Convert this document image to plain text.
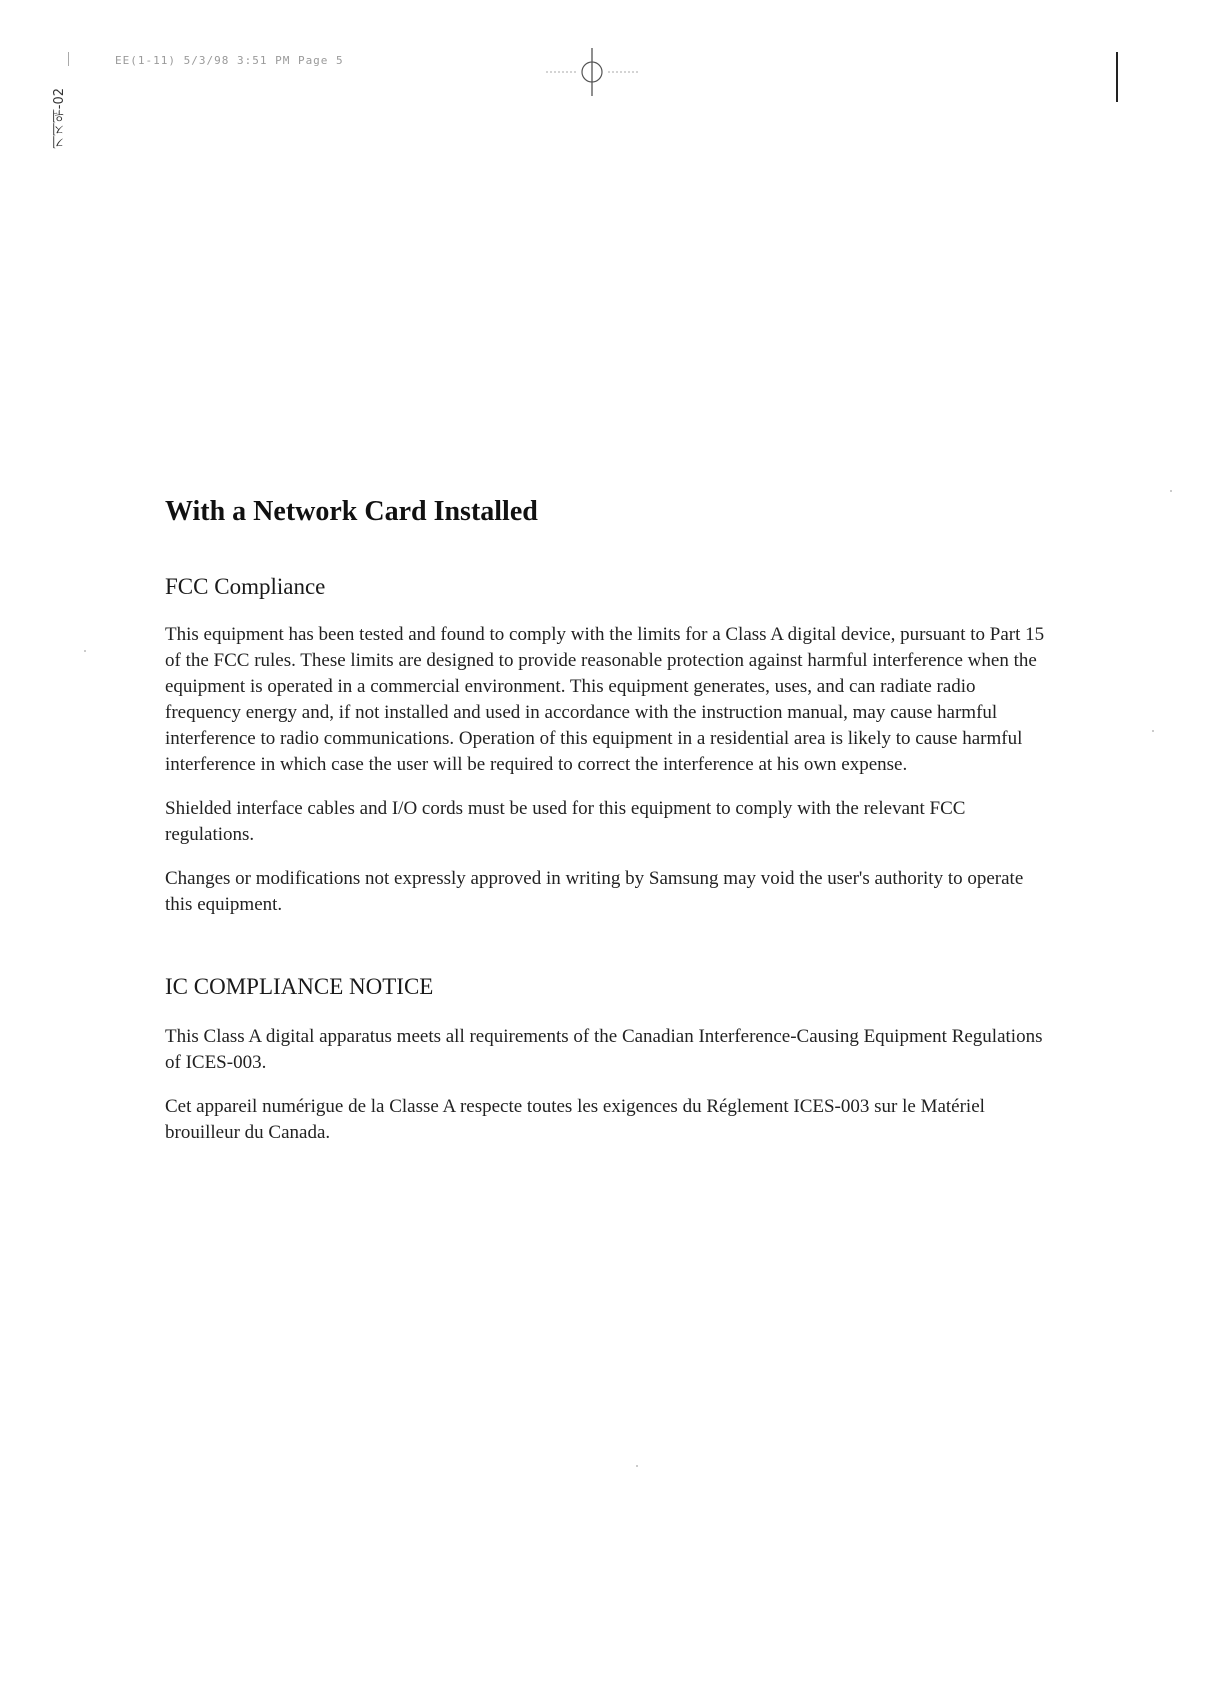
EE(1-11) 5/3/98 3:51 PM Page 5
기지워-02
With a Network Card Installed
FCC Compliance

This equipment has been tested and found to comply with the limits for a Class A digital device, pursuant to Part 15 of the FCC rules. These limits are designed to provide reasonable protection against harmful interference when the equipment is operated in a commercial environment. This equipment generates, uses, and can radiate radio frequency energy and, if not installed and used in accordance with the instruction manual, may cause harmful interference to radio communications. Operation of this equipment in a residential area is likely to cause harmful interference in which case the user will be required to correct the interference at his own expense.

Shielded interface cables and I/O cords must be used for this equipment to comply with the relevant FCC regulations.

Changes or modifications not expressly approved in writing by Samsung may void the user's authority to operate this equipment.

IC COMPLIANCE NOTICE

This Class A digital apparatus meets all requirements of the Canadian Interference-Causing Equipment Regulations of ICES-003.

Cet appareil numérigue de la Classe A respecte toutes les exigences du Réglement ICES-003 sur le Matériel brouilleur du Canada.
